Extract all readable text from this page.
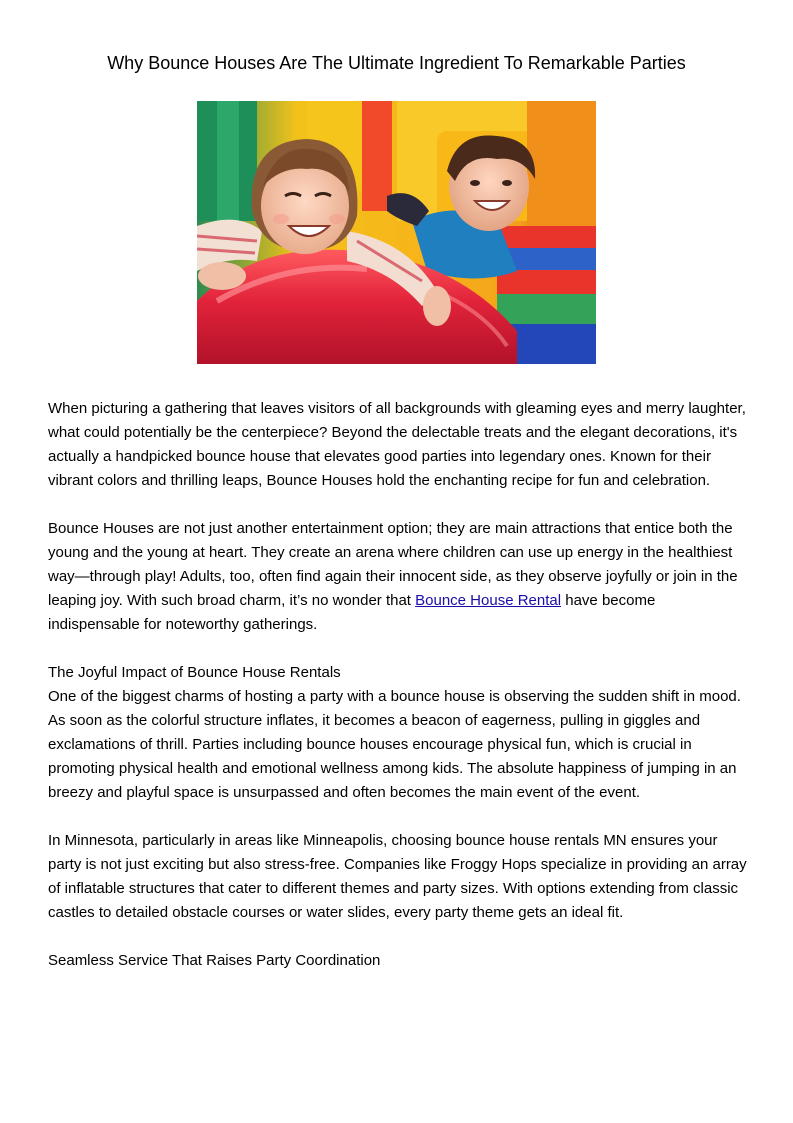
Why Bounce Houses Are The Ultimate Ingredient To Remarkable Parties

When picturing a gathering that leaves visitors of all backgrounds with gleaming eyes and merry laughter, what could potentially be the centerpiece? Beyond the delectable treats and the elegant decorations, it's actually a handpicked bounce house that elevates good parties into legendary ones. Known for their vibrant colors and thrilling leaps, Bounce Houses hold the enchanting recipe for fun and celebration.

Bounce Houses are not just another entertainment option; they are main attractions that entice both the young and the young at heart. They create an arena where children can use up energy in the healthiest way—through play! Adults, too, often find again their innocent side, as they observe joyfully or join in the leaping joy. With such broad charm, it’s no wonder that Bounce House Rental have become indispensable for noteworthy gatherings.

The Joyful Impact of Bounce House Rentals

One of the biggest charms of hosting a party with a bounce house is observing the sudden shift in mood. As soon as the colorful structure inflates, it becomes a beacon of eagerness, pulling in giggles and exclamations of thrill. Parties including bounce houses encourage physical fun, which is crucial in promoting physical health and emotional wellness among kids. The absolute happiness of jumping in an breezy and playful space is unsurpassed and often becomes the main event of the event.

In Minnesota, particularly in areas like Minneapolis, choosing bounce house rentals MN ensures your party is not just exciting but also stress-free. Companies like Froggy Hops specialize in providing an array of inflatable structures that cater to different themes and party sizes. With options extending from classic castles to detailed obstacle courses or water slides, every party theme gets an ideal fit.

Seamless Service That Raises Party Coordination
